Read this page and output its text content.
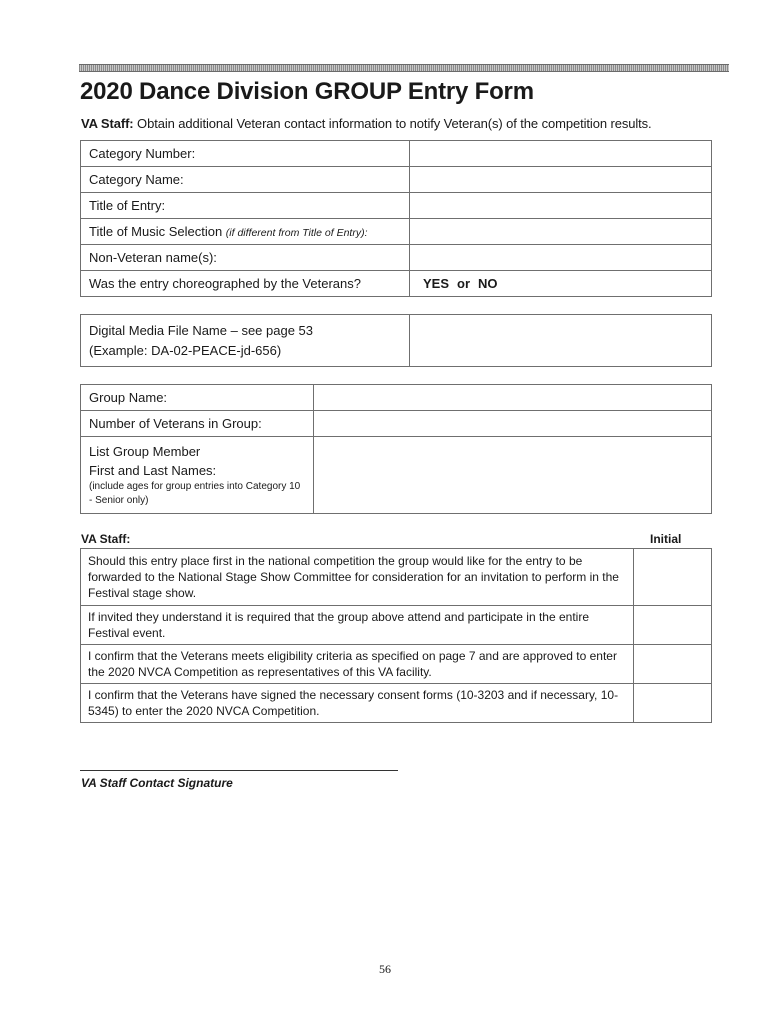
2020 Dance Division GROUP Entry Form
VA Staff: Obtain additional Veteran contact information to notify Veteran(s) of the competition results.
Category Number:	
Category Name:	
Title of Entry:	
Title of Music Selection (if different from Title of Entry):	
Non-Veteran name(s):	
Was the entry choreographed by the Veterans?	YES or NO
Digital Media File Name – see page 53
(Example: DA-02-PEACE-jd-656)	
Group Name:	
Number of Veterans in Group:	
List Group Member
First and Last Names:
(include ages for group entries into Category 10 - Senior only)	

VA Staff:	Initial
Should this entry place first in the national competition the group would like for the entry to be forwarded to the National Stage Show Committee for consideration for an invitation to perform in the Festival stage show.	
If invited they understand it is required that the group above attend and participate in the entire Festival event.	
I confirm that the Veterans meets eligibility criteria as specified on page 7 and are approved to enter the 2020 NVCA Competition as representatives of this VA facility.	
I confirm that the Veterans have signed the necessary consent forms (10-3203 and if necessary, 10-5345) to enter the 2020 NVCA Competition.	
VA Staff Contact Signature
56
